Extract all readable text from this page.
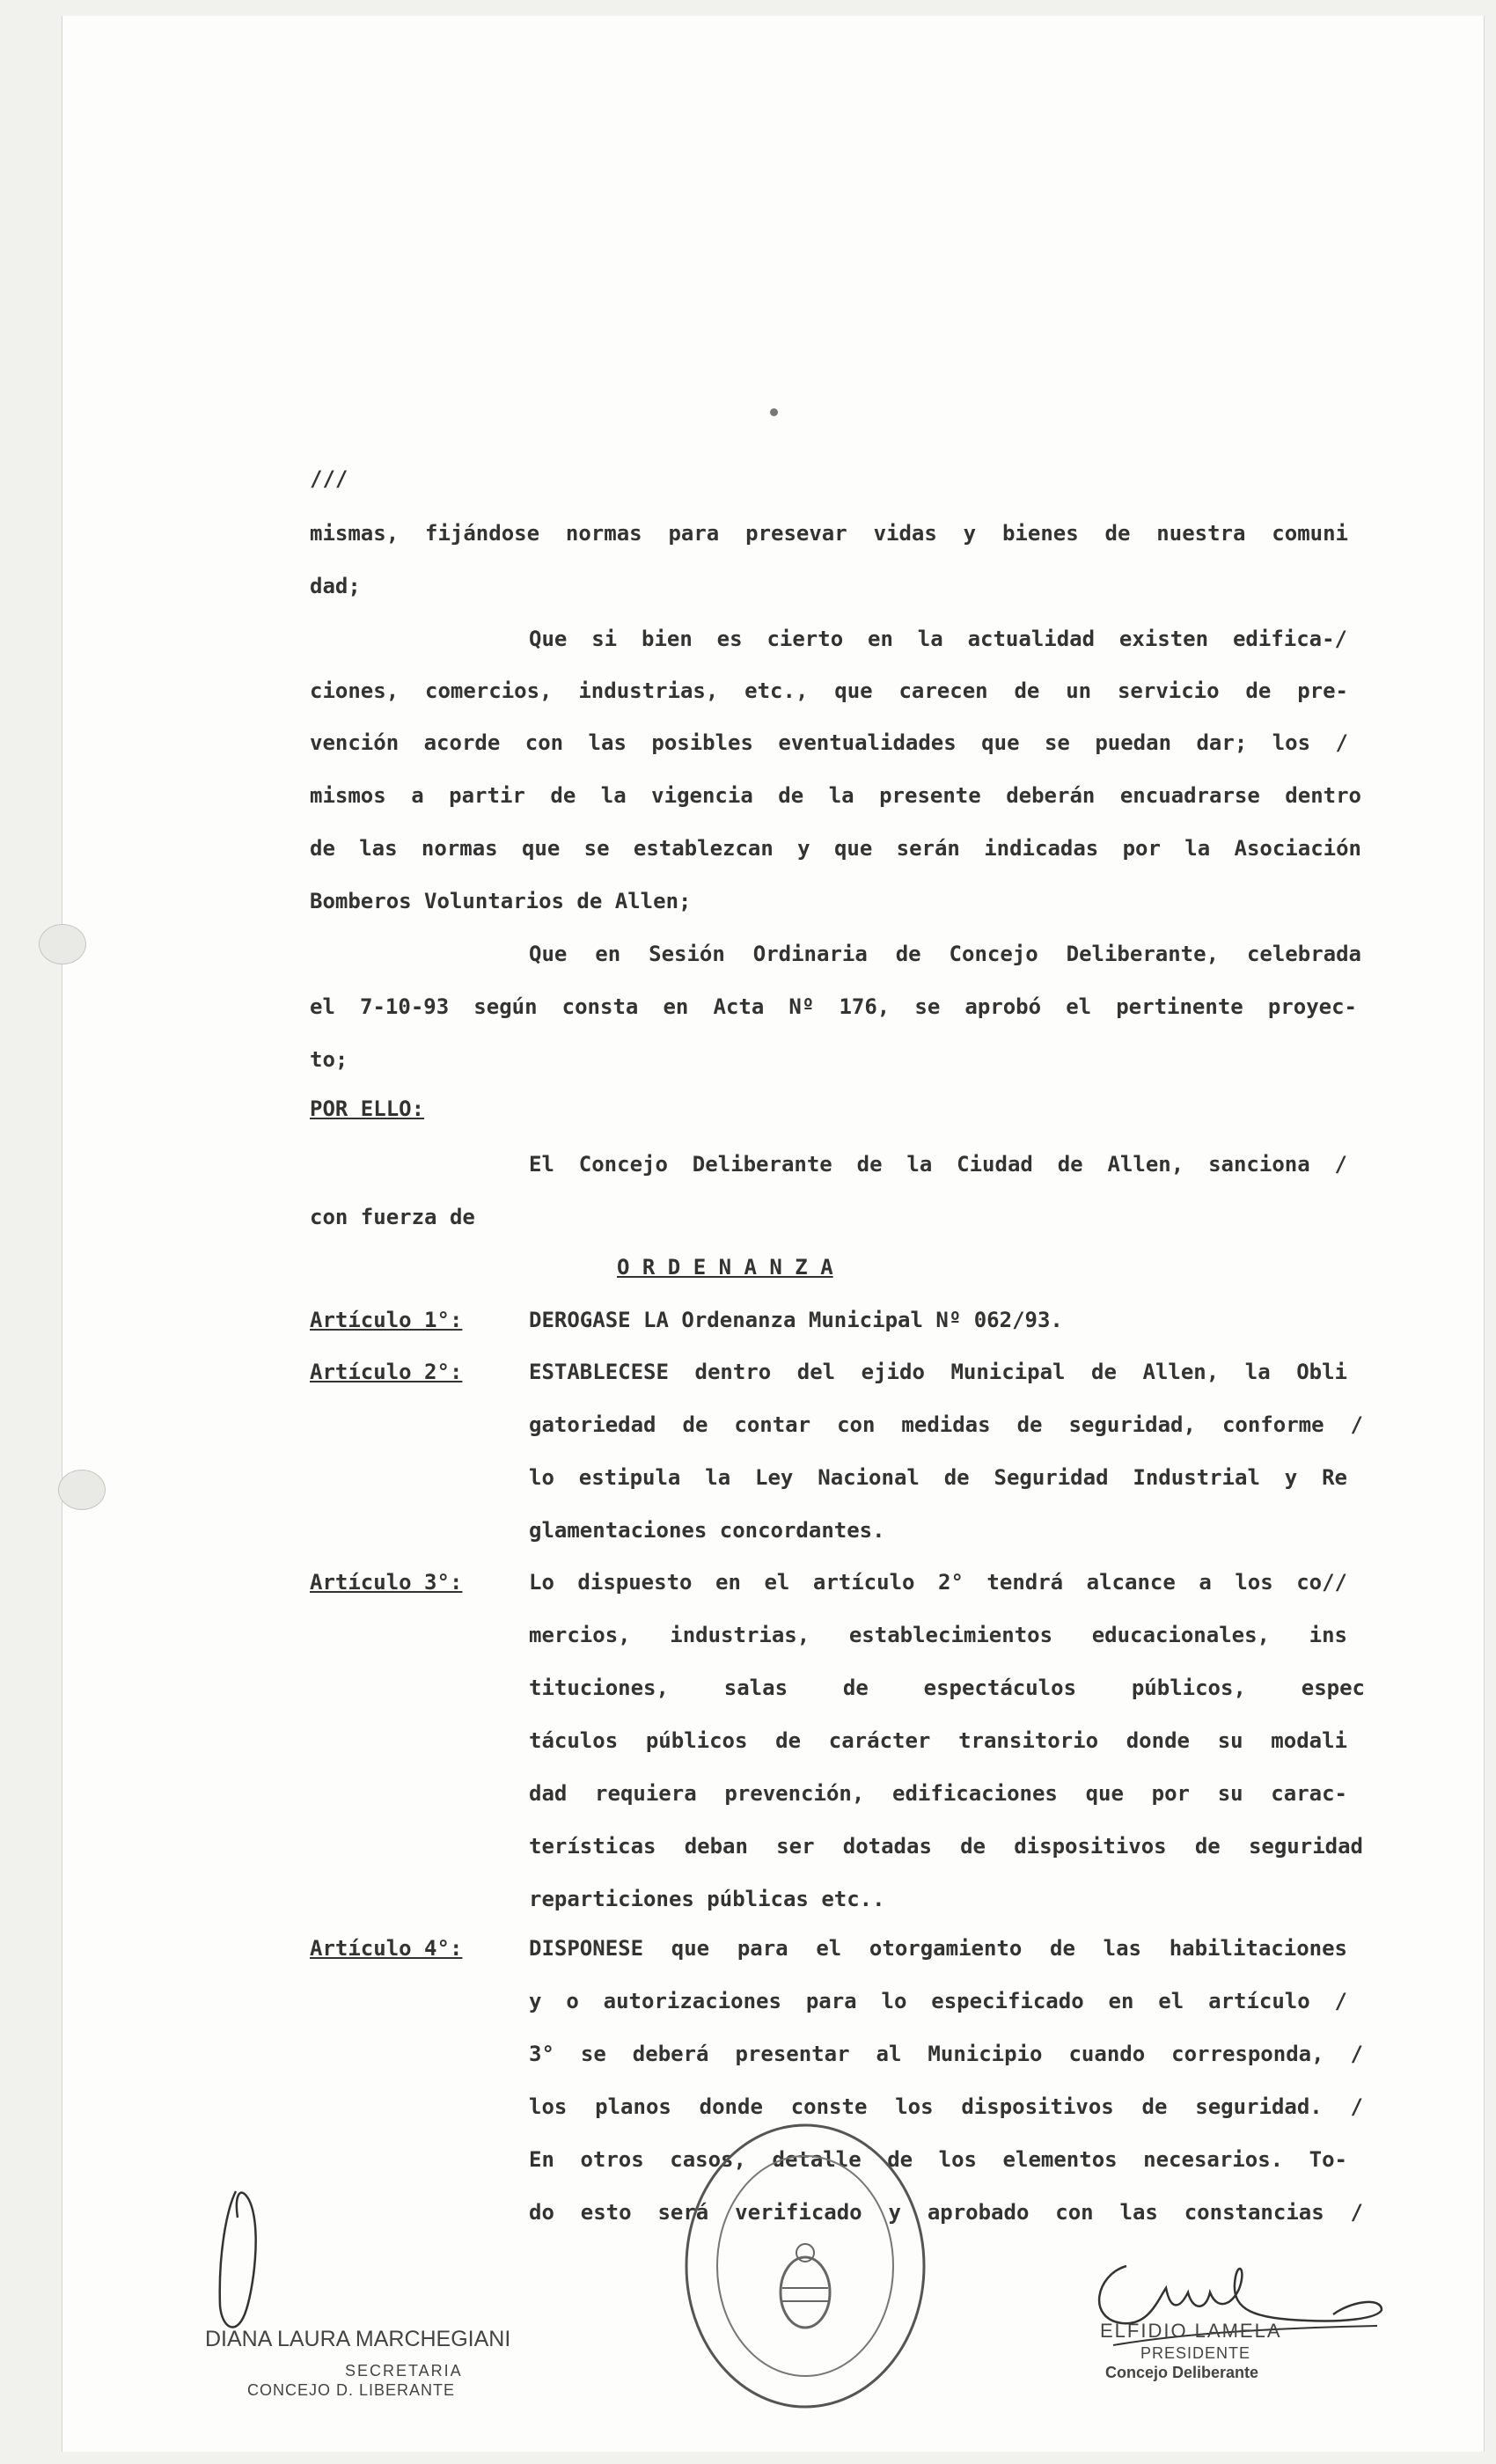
///
mismas, fijándose normas para presevar vidas y bienes de nuestra comuni
dad;
Que si bien es cierto en la actualidad existen edifica-/
ciones, comercios, industrias, etc., que carecen de un servicio de pre-
vención acorde con las posibles eventualidades que se puedan dar; los /
mismos a partir de la vigencia de la presente deberán encuadrarse dentro
de las normas que se establezcan y que serán indicadas por la Asociación
Bomberos Voluntarios de Allen;
Que en Sesión Ordinaria de Concejo Deliberante, celebrada
el 7-10-93 según consta en Acta Nº 176, se aprobó el pertinente proyec-
to;
POR ELLO:
El Concejo Deliberante de la Ciudad de Allen, sanciona /
con fuerza de
O R D E N A N Z A
Artículo 1°:	DEROGASE LA Ordenanza Municipal Nº 062/93.
Artículo 2°:	ESTABLECESE dentro del ejido Municipal de Allen, la Obli
gatoriedad de contar con medidas de seguridad, conforme /
lo estipula la Ley Nacional de Seguridad Industrial y Re
glamentaciones concordantes.
Artículo 3°:	Lo dispuesto en el artículo 2° tendrá alcance a los co//
mercios, industrias, establecimientos educacionales, ins
tituciones, salas de espectáculos públicos, espec
táculos públicos de carácter transitorio donde su modali
dad requiera prevención, edificaciones que por su carac-
terísticas deban ser dotadas de dispositivos de seguridad
reparticiones públicas etc..
Artículo 4°:	DISPONESE que para el otorgamiento de las habilitaciones
y o autorizaciones para lo especificado en el artículo /
3° se deberá presentar al Municipio cuando corresponda, /
los planos donde conste los dispositivos de seguridad. /
En otros casos, detalle de los elementos necesarios. To-
do esto será verificado y aprobado con las constancias /
DIANA LAURA MARCHEGIANI
SECRETARIA
CONCEJO D. LIBERANTE
ELFIDIO LAMELA
PRESIDENTE
Concejo Deliberante
